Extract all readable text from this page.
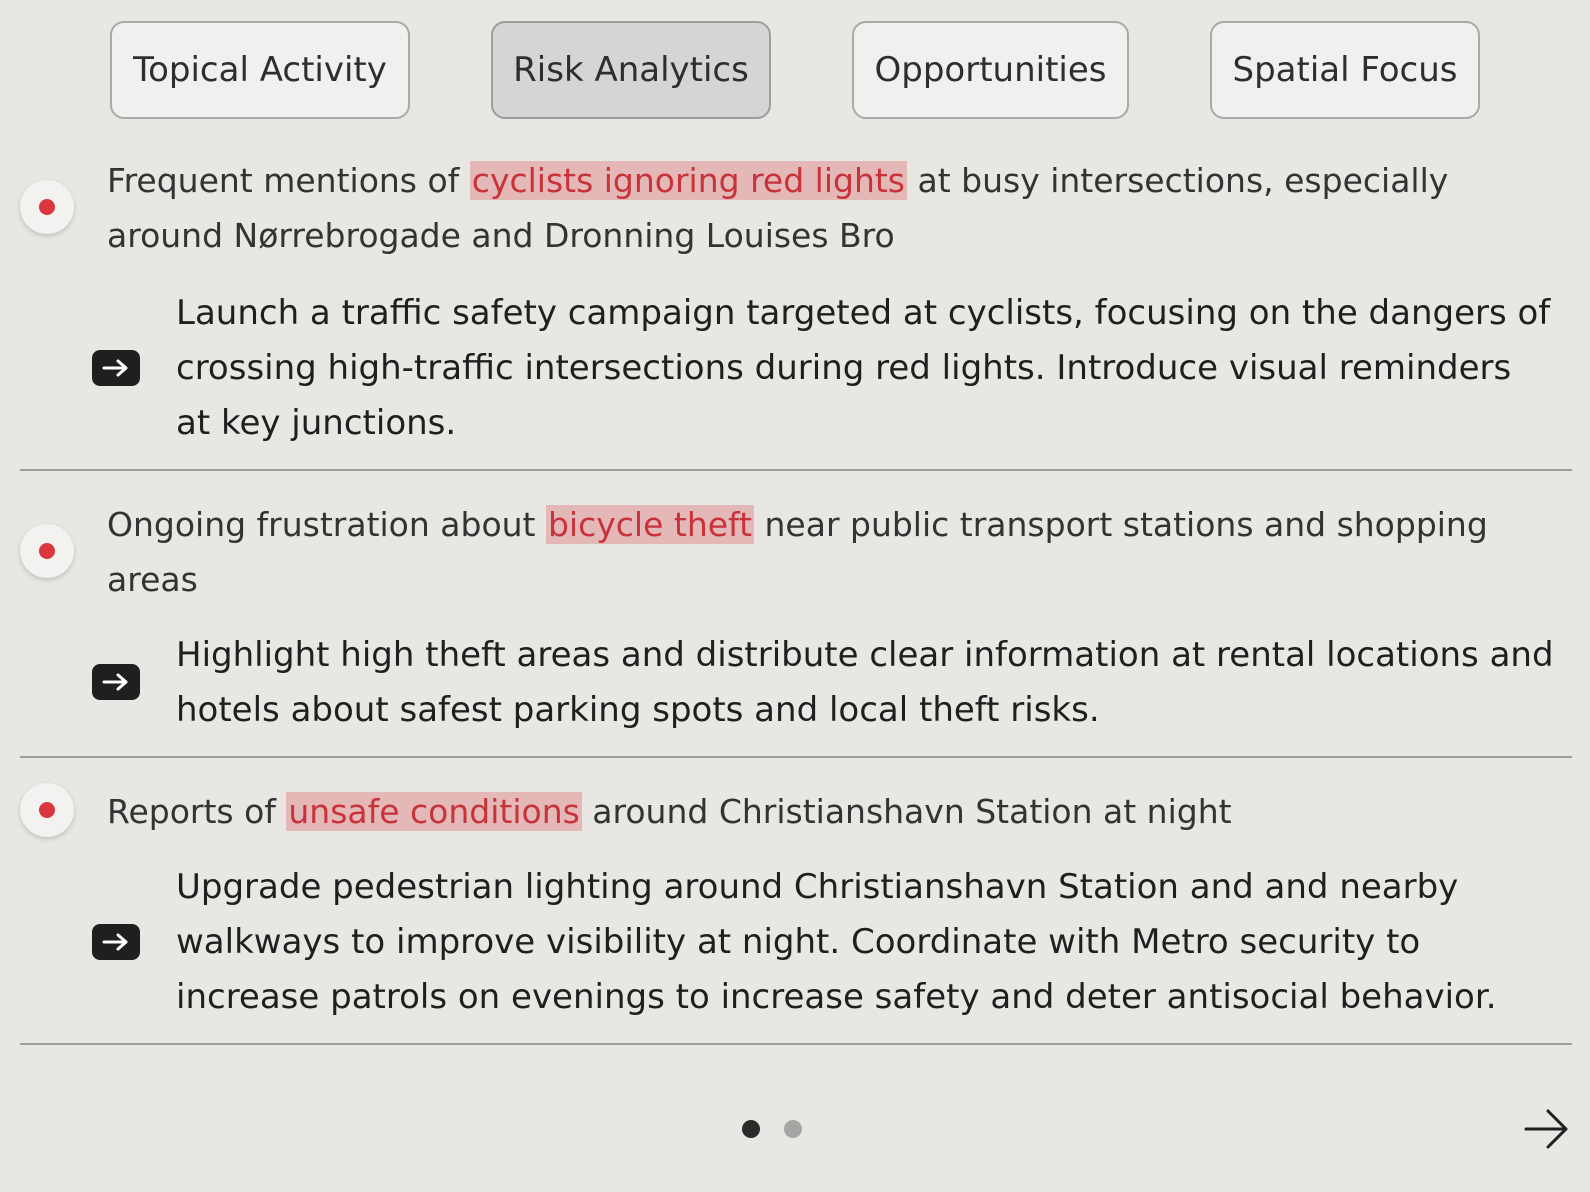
Topical Activity	Risk Analytics	Opportunities	Spatial Focus
Frequent mentions of cyclists ignoring red lights at busy intersections, especially around Nørrebrogade and Dronning Louises Bro
Launch a traffic safety campaign targeted at cyclists, focusing on the dangers of crossing high-traffic intersections during red lights. Introduce visual reminders at key junctions.
Ongoing frustration about bicycle theft near public transport stations and shopping areas
Highlight high theft areas and distribute clear information at rental locations and hotels about safest parking spots and local theft risks.
Reports of unsafe conditions around Christianshavn Station at night
Upgrade pedestrian lighting around Christianshavn Station and and nearby walkways to improve visibility at night. Coordinate with Metro security to increase patrols on evenings to increase safety and deter antisocial behavior.
